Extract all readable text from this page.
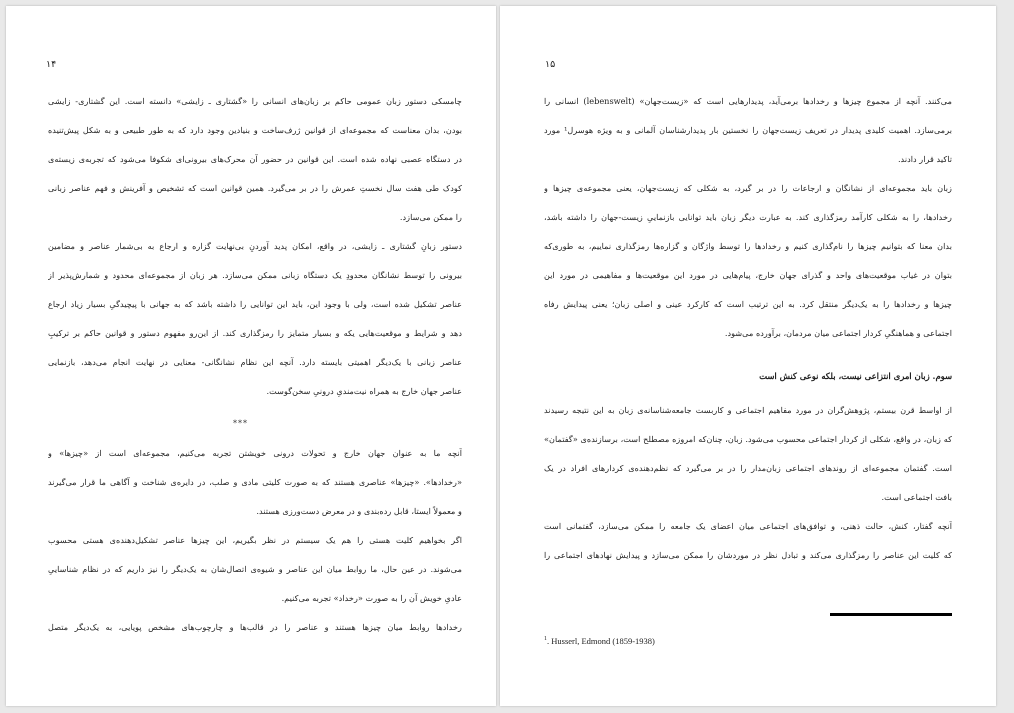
۱۴
چامسکی دستور زبان عمومی حاکم بر زبان‌های انسانی را «گشتاری ـ زایشی» دانسته است. این گشتاری- زایشی
بودن، بدان معناست که مجموعه‌ای از قوانین ژرف‌ساخت و بنیادین وجود دارد که به طور طبیعی و به شکل پیش‌تنیده
در دستگاه عصبی نهاده شده است. این قوانین در حضور آن محرک‌های بیرونی‌ای شکوفا می‌شود که تجربه‌ی زیسته‌ی
کودک طی هفت سال نخستِ عمرش را در بر می‌گیرد. همین قوانین است که تشخیص و آفرینش و فهم عناصر زبانی
را ممکن می‌سازد.
دستور زبانِ گشتاری ـ زایشی، در واقع، امکان پدید آوردنِ بی‌نهایت گزاره و ارجاع به بی‌شمار عناصر و مضامین
بیرونی را توسط نشانگان محدودِ یک دستگاه زبانی ممکن می‌سازد. هر زبان از مجموعه‌ای محدود و شمارش‌پذیر از
عناصر تشکیل شده است، ولی با وجود این، باید این توانایی را داشته باشد که به جهانی با پیچیدگیِ بسیار زیاد ارجاع
دهد و شرایط و موقعیت‌هایی یکه و بسیار متمایز را رمزگذاری کند. از این‌رو مفهوم دستور و قوانین حاکم بر ترکیبِ
عناصر زبانی با یک‌دیگر اهمیتی بایسته دارد. آنچه این نظام نشانگانی- معنایی در نهایت انجام می‌دهد، بازنمایی
عناصر جهان خارج به همراه نیت‌مندیِ درونیِ سخن‌گوست.
***
آنچه ما به عنوان جهان خارج و تحولات درونی خویشتن تجربه می‌کنیم، مجموعه‌ای است از «چیزها» و
«رخدادها». «چیزها» عناصری هستند که به صورت کلیتی مادی و صلب، در دایره‌ی شناخت و آگاهی ما قرار می‌گیرند
و معمولاً ایستا، قابل رده‌بندی و در معرض دست‌ورزی هستند.
اگر بخواهیم کلیت هستی را هم یک سیستم در نظر بگیریم، این چیزها عناصر تشکیل‌دهنده‌ی هستی محسوب
می‌شوند. در عین حال، ما روابط میان این عناصر و شیوه‌ی اتصال‌شان به یک‌دیگر را نیز داریم که در نظام شناساییِ
عادیِ خویش آن را به صورت «رخداد» تجربه می‌کنیم.
رخدادها روابط میان چیزها هستند و عناصر را در قالب‌ها و چارچوب‌های مشخص پویایی، به یک‌دیگر متصل
۱۵
می‌کنند. آنچه از مجموع چیزها و رخدادها برمی‌آید، پدیدارهایی است که «زیست‌جهان» (lebenswelt) انسانی را
برمی‌سازد. اهمیت کلیدی پدیدار در تعریف زیست‌جهان را نخستین بار پدیدارشناسان آلمانی و به ویژه هوسرل¹ مورد
تاکید قرار دادند.
زبان باید مجموعه‌ای از نشانگان و ارجاعات را در بر گیرد، به شکلی که زیست‌جهان، یعنی مجموعه‌ی چیزها و
رخدادها، را به شکلی کارآمد رمزگذاری کند. به عبارت دیگر زبان باید توانایی بازنماییِ زیست-جهان را داشته باشد،
بدان معنا که بتوانیم چیزها را نام‌گذاری کنیم و رخدادها را توسط واژگان و گزاره‌ها رمزگذاری نماییم، به طوری‌که
بتوان در غیاب موقعیت‌های واحد و گذرای جهان خارج، پیام‌هایی در مورد این موقعیت‌ها و مفاهیمی در مورد این
چیزها و رخدادها را به یک‌دیگر منتقل کرد. به این ترتیب است که کارکرد عینی و اصلی زبان؛ یعنی پیدایش رفاه
اجتماعی و هماهنگیِ کردار اجتماعی میان مردمان، برآورده می‌شود.
سوم. زبان امری انتزاعی نیست، بلکه نوعی کنش است
از اواسط قرن بیستم، پژوهش‌گران در مورد مفاهیم اجتماعی و کاربست جامعه‌شناسانه‌ی زبان به این نتیجه رسیدند
که زبان، در واقع، شکلی از کردار اجتماعی محسوب می‌شود. زبان، چنان‌که امروزه مصطلح است، برسازنده‌ی «گفتمان»
است. گفتمان مجموعه‌ای از روندهای اجتماعی زبان‌مدار را در بر می‌گیرد که نظم‌دهنده‌ی کردارهای افراد در یک
بافت اجتماعی است.
آنچه گفتار، کنش، حالت ذهنی، و توافق‌های اجتماعی میان اعضای یک جامعه را ممکن می‌سازد، گفتمانی است
که کلیت این عناصر را رمزگذاری می‌کند و تبادل نظر در موردشان را ممکن می‌سازد و پیدایش نهادهای اجتماعی را
$^1$. Husserl, Edmond (1859-1938)
